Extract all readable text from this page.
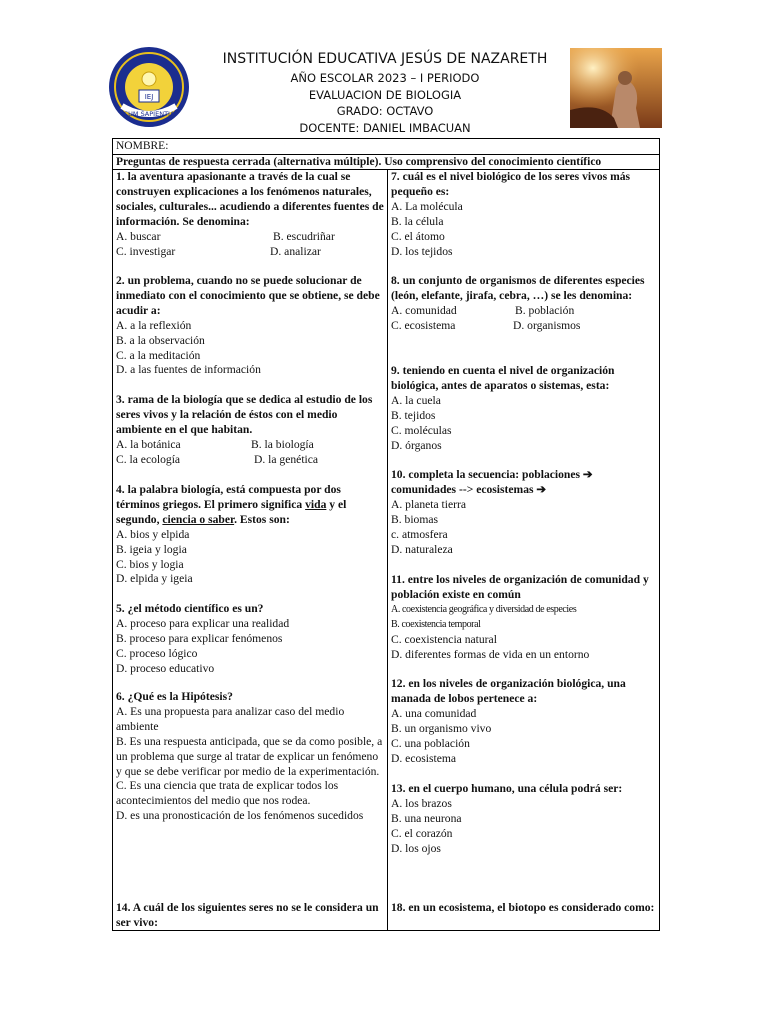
IEJ
CUM SAPIENTIA
INSTITUCIÓN EDUCATIVA JESÚS DE NAZARETH
AÑO ESCOLAR 2023 – I PERIODO
EVALUACION DE BIOLOGIA
GRADO: OCTAVO
DOCENTE: DANIEL IMBACUAN
NOMBRE:
Preguntas de respuesta cerrada (alternativa múltiple). Uso comprensivo del conocimiento científico
1. la aventura apasionante a través de la cual se construyen explicaciones a los fenómenos naturales, sociales, culturales... acudiendo a diferentes fuentes de información. Se denomina:
A. buscar	B. escudriñar
C. investigar	D. analizar
2. un problema, cuando no se puede solucionar de inmediato con el conocimiento que se obtiene, se debe acudir a:
A. a la reflexión
B. a la observación
C. a la meditación
D. a las fuentes de información
3. rama de la biología que se dedica al estudio de los seres vivos y la relación de éstos con el medio ambiente en el que habitan.
A. la botánica	B. la biología
C. la ecología	D. la genética
4. la palabra biología, está compuesta por dos términos griegos. El primero significa vida y el segundo, ciencia o saber. Estos son:
A. bios y elpida
B. igeia y logia
C. bios y logia
D. elpida y igeia
5. ¿el método científico es un?
A. proceso para explicar una realidad
B. proceso para explicar fenómenos
C. proceso lógico
D. proceso educativo
6. ¿Qué es la Hipótesis?
A. Es una propuesta para analizar caso del medio ambiente
B. Es una respuesta anticipada, que se da como posible, a un problema que surge al tratar de explicar un fenómeno y que se debe verificar por medio de la experimentación.
C. Es una ciencia que trata de explicar todos los acontecimientos del medio que nos rodea.
D. es una pronosticación de los fenómenos sucedidos
14. A cuál de los siguientes seres no se le considera un ser vivo:
7. cuál es el nivel biológico de los seres vivos más pequeño es:
A. La molécula
B. la célula
C. el átomo
D. los tejidos
8. un conjunto de organismos de diferentes especies (león, elefante, jirafa, cebra, …) se les denomina:
A. comunidad	B. población
C. ecosistema	D. organismos
9. teniendo en cuenta el nivel de organización biológica, antes de aparatos o sistemas, esta:
A. la cuela
B. tejidos
C. moléculas
D. órganos
10. completa la secuencia: poblaciones ➔
comunidades --> ecosistemas ➔
A. planeta tierra
B. biomas
c. atmosfera
D. naturaleza
11. entre los niveles de organización de comunidad y población existe en común
A. coexistencia geográfica y diversidad de especies
B. coexistencia temporal
C. coexistencia natural
D. diferentes formas de vida en un entorno
12. en los niveles de organización biológica, una manada de lobos pertenece a:
A. una comunidad
B. un organismo vivo
C. una población
D. ecosistema
13. en el cuerpo humano, una célula podrá ser:
A. los brazos
B. una neurona
C. el corazón
D. los ojos
18. en un ecosistema, el biotopo es considerado como:
